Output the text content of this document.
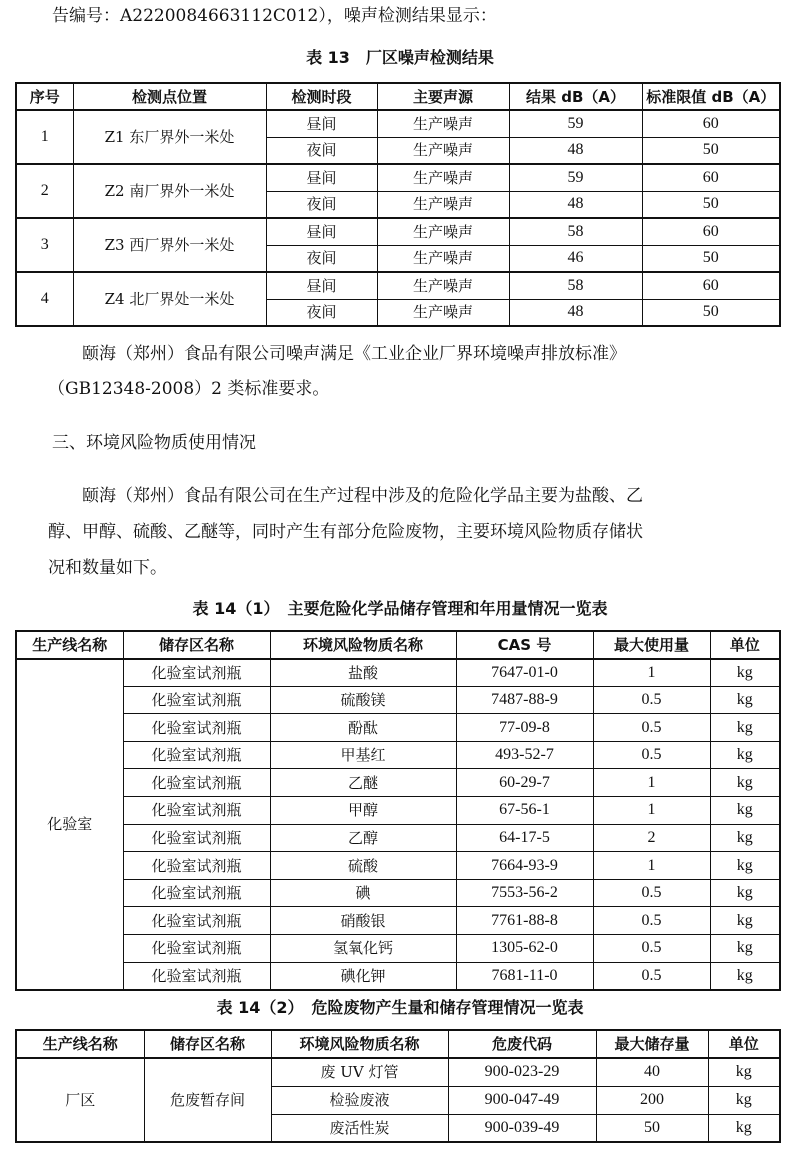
告编号：A2220084663112C012），噪声检测结果显示：

表 13　厂区噪声检测结果
序号	检测点位置	检测时段	主要声源	结果 dB（A）	标准限值 dB（A）
1	Z1 东厂界外一米处	昼间	生产噪声	59	60
		夜间	生产噪声	48	50
2	Z2 南厂界外一米处	昼间	生产噪声	59	60
		夜间	生产噪声	48	50
3	Z3 西厂界外一米处	昼间	生产噪声	58	60
		夜间	生产噪声	46	50
4	Z4 北厂界处一米处	昼间	生产噪声	58	60
		夜间	生产噪声	48	50

颐海（郑州）食品有限公司噪声满足《工业企业厂界环境噪声排放标准》

（GB12348-2008）2 类标准要求。

三、环境风险物质使用情况

颐海（郑州）食品有限公司在生产过程中涉及的危险化学品主要为盐酸、乙

醇、甲醇、硫酸、乙醚等，同时产生有部分危险废物，主要环境风险物质存储状

况和数量如下。

表 14（1）　主要危险化学品储存管理和年用量情况一览表
生产线名称	储存区名称	环境风险物质名称	CAS 号	最大使用量	单位
化验室	化验室试剂瓶	盐酸	7647-01-0	1	kg
	化验室试剂瓶	硫酸镁	7487-88-9	0.5	kg
	化验室试剂瓶	酚酞	77-09-8	0.5	kg
	化验室试剂瓶	甲基红	493-52-7	0.5	kg
	化验室试剂瓶	乙醚	60-29-7	1	kg
	化验室试剂瓶	甲醇	67-56-1	1	kg
	化验室试剂瓶	乙醇	64-17-5	2	kg
	化验室试剂瓶	硫酸	7664-93-9	1	kg
	化验室试剂瓶	碘	7553-56-2	0.5	kg
	化验室试剂瓶	硝酸银	7761-88-8	0.5	kg
	化验室试剂瓶	氢氧化钙	1305-62-0	0.5	kg
	化验室试剂瓶	碘化钾	7681-11-0	0.5	kg
表 14（2）　危险废物产生量和储存管理情况一览表
生产线名称	储存区名称	环境风险物质名称	危废代码	最大储存量	单位
厂区	危废暂存间	废 UV 灯管	900-023-29	40	kg
		检验废液	900-047-49	200	kg
		废活性炭	900-039-49	50	kg
